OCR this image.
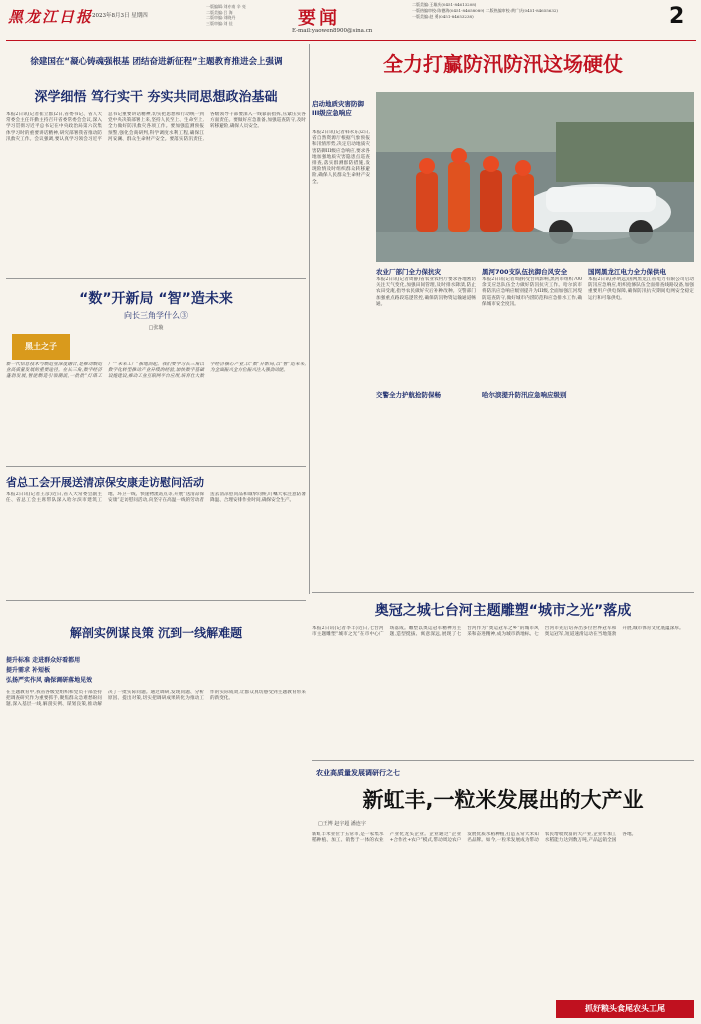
黑龙江日报
2023年8月3日 星期四
一版编辑:刘亦南 辛 亮
二版美编:吕 海
二版审编:刘晓丹
三版审编:刘 佳	要闻
E-mail:yaowen8900@sina.cn
二版美编:王雄庆(0451-84613208)
一版热编审校:陈德海(0451-84658089) 二版热编审校:黄广庆(0451-84655632)
一版美编:赵 勇(0451-84653238)	2
徐建国在“凝心铸魂强根基 团结奋进新征程”主题教育推进会上强调
深学细悟 笃行实干 夯实共同思想政治基础
本报2日讯(记者崔立群)2日,省委书记、省人大常委会主任许勤主持召开省委常委会会议,深入学习贯彻习近平总书记在中央政治局第六次集体学习时的重要讲话精神,研究部署我省推动防汛救灾工作。会议强调,要认真学习领会习近平总书记重要讲话精神,切实把思想和行动统一到党中央决策部署上来,坚持人民至上、生命至上,全力做好防汛救灾各项工作。要加强监测预报预警,强化会商研判,科学调度水利工程,确保江河安澜、群众生命财产安全。要落实防汛责任,各级领导干部要深入一线靠前指挥,压紧压实各方面责任。要做好应急准备,加强巡查防守,及时转移避险,确保人员安全。
“数”开新局 “智”造未来
向长三角学什么③
□张璇
黑土之子
新一代信息技术与制造业深度融合,是推动制造业高质量发展的重要途径。在长三角,数字经济蓬勃发展,智能制造引领潮流,一批批“灯塔工厂”“未来工厂”拔地而起。我们要学习长三角以数字化转型推动产业升级的经验,加快数字基础设施建设,推动工业互联网平台应用,培育壮大数字经济核心产业,以“数”开新局,以“智”造未来,为全面振兴全方位振兴注入强劲动能。
省总工会开展送清凉保安康走访慰问活动
本报2日讯(记者王彦)近日,省人大常委会副主任、省总工会主席带队深入哈尔滨市建筑工地、环卫一线、快递物流站点等,开展“送清凉保安康”走访慰问活动,向坚守在高温一线的劳动者送去清凉慰问品和诚挚问候,叮嘱大家注意防暑降温、合理安排作业时间,确保安全生产。
全力打赢防汛防汛这场硬仗
启动地质灾害防御III级应急响应
本报2日讯(记者韩永东)2日,省自然资源厅根据气象预报和汛情形势,决定启动地质灾害防御III级应急响应,要求各地加强地质灾害隐患点巡查排查,落实群测群防措施,发现险情及时组织群众转移避险,确保人民群众生命财产安全。
农业厂部门全力保抗灾
本报2日讯(记者周静)省农业农村厅要求各地密切关注天气变化,加强田间管理,及时排水降渍,防止农田受淹,指导农民做好灾后补种改种。交警部门加强重点路段巡逻管控,确保防汛物资运输通道畅通。
交警全力护航抢防保畅
黑河700支队伍抗御台风安全
本报2日讯(记者周静)受台风影响,黑河市组织700余支应急队伍全力做好防汛抗灾工作。哈尔滨市将防汛应急响应级别提升为III级,全面加强江河堤防巡查防守,做好城市内涝防范和应急排水工作,确保城市安全度汛。
哈尔滨提升防汛应急响应级别
国网黑龙江电力全力保供电
本报2日讯(孙明远)国网黑龙江省电力有限公司启动防汛应急响应,组织抢修队伍全面排查线路设备,加强重要用户供电保障,确保防汛抗灾期间电网安全稳定运行和可靠供电。
奥冠之城七台河主题雕塑“城市之光”落成
本报2日讯(记者李丰)近日,七台河市主题雕塑“城市之光”在市中心广场落成。雕塑以奥运冠军精神为主题,造型挺拔、寓意深远,展现了七台河作为“奥运冠军之乡”的城市风采和奋进精神,成为城市新地标。七台河市先后培养出多位世界冠军和奥运冠军,短道速滑运动在当地蓬勃开展,城市体育文化底蕴深厚。
解剖实例谋良策 沉到一线解难题
提升标准 走进群众好看都用
提升需求 补短板
弘扬严实作风 确保调研落地见效
在主题教育中,我省各级党组织和党员干部坚持把调查研究作为重要抓手,聚焦群众急难愁盼问题,深入基层一线,解剖实例、谋划良策,推动解决了一批实际问题。通过调研,发现问题、分析原因、提出对策,切实把调研成果转化为推动工作的实际成效,让群众真切感受到主题教育带来的新变化。
农业高质量发展调研行之七
新虹丰,一粒米发展出的大产业
□王博 赵宇超 潘连宇
新虹丰米业位于五常市,是一家集水稻种植、加工、销售于一体的农业产业化龙头企业。企业通过“企业+合作社+农户”模式,带动周边农户发展优质水稻种植,打造五常大米知名品牌。如今,一粒米发展成为带动农民增收致富的大产业,企业年加工水稻能力达到数万吨,产品远销全国各地。
抓好粮头食尾农头工尾
